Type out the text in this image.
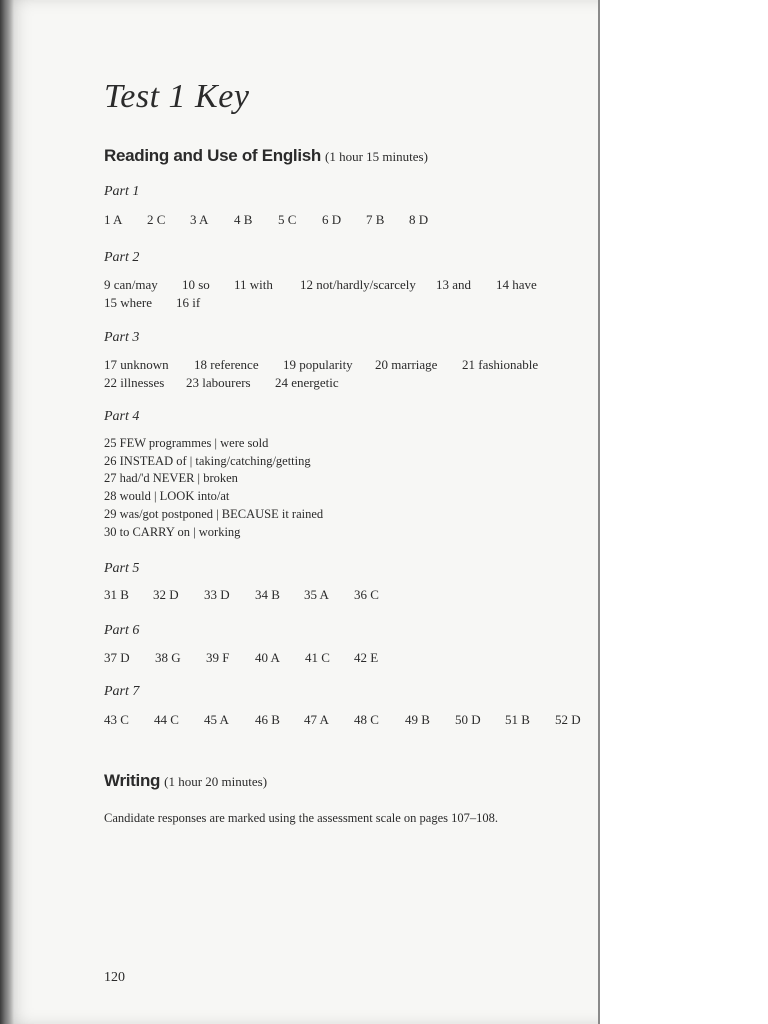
Test 1 Key
Reading and Use of English (1 hour 15 minutes)
Part 1
1 A 2 C 3 A 4 B 5 C 6 D 7 B 8 D
Part 2
9 can/may 10 so 11 with 12 not/hardly/scarcely 13 and 14 have
15 where 16 if
Part 3
17 unknown 18 reference 19 popularity 20 marriage 21 fashionable
22 illnesses 23 labourers 24 energetic
Part 4
25 FEW programmes | were sold
26 INSTEAD of | taking/catching/getting
27 had/'d NEVER | broken
28 would | LOOK into/at
29 was/got postponed | BECAUSE it rained
30 to CARRY on | working
Part 5
31 B 32 D 33 D 34 B 35 A 36 C
Part 6
37 D 38 G 39 F 40 A 41 C 42 E
Part 7
43 C 44 C 45 A 46 B 47 A 48 C 49 B 50 D 51 B 52 D
Writing (1 hour 20 minutes)
Candidate responses are marked using the assessment scale on pages 107–108.
120
